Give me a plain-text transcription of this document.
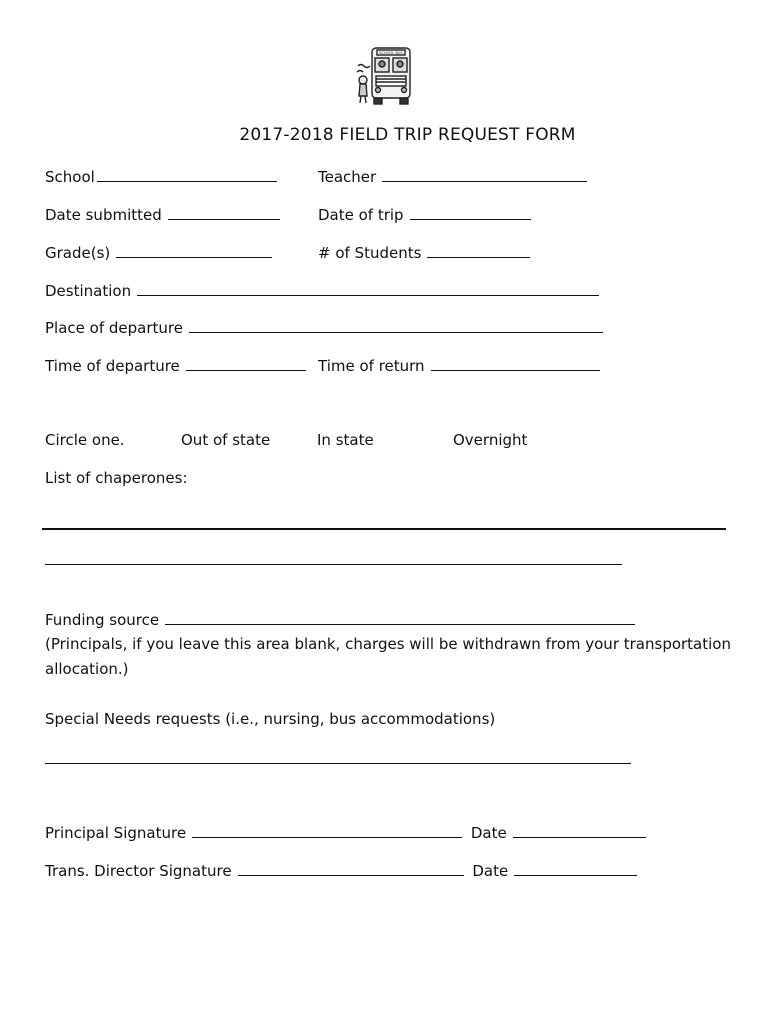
SCHOOL BUS
2017-2018 FIELD TRIP REQUEST FORM
School	Teacher
Date submitted	Date of trip
Grade(s)	# of Students
Destination
Place of departure
Time of departure	Time of return
Circle one.	Out of state	In state	Overnight
List of chaperones:
Funding source
(Principals, if you leave this area blank, charges will be withdrawn from your transportation
allocation.)
Special Needs requests (i.e., nursing, bus accommodations)
Principal Signature	Date
Trans. Director Signature	Date
